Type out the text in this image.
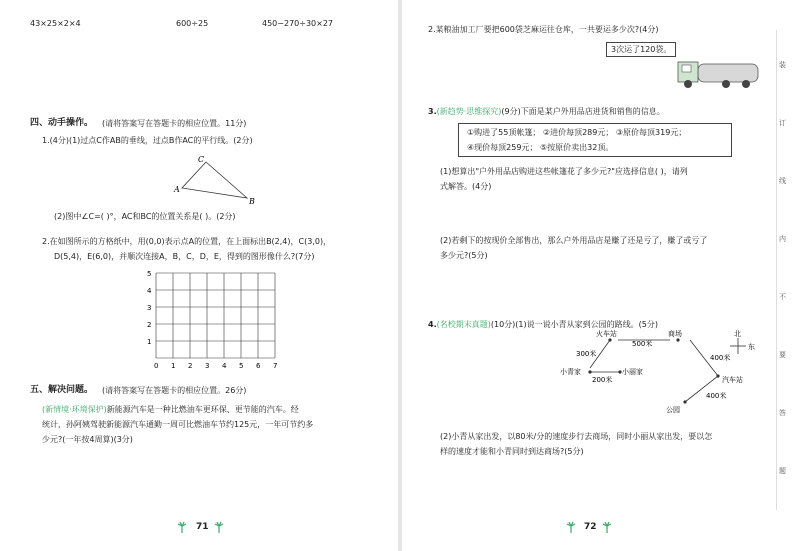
43×25×2×4	600÷25	450−270÷30×27
四、动手操作。 (请将答案写在答题卡的相应位置。11分)
1.(4分)(1)过点C作AB的垂线，过点B作AC的平行线。(2分)
C
A
B
(2)图中∠C=( )°，AC和BC的位置关系是( )。(2分)
2.在如图所示的方格纸中，用(0,0)表示点A的位置，在上面标出B(2,4)，C(3,0)，
D(5,4)，E(6,0)，并顺次连接A，B，C，D，E，得到的图形像什么?(7分)
0 1 2 3 4 5 6 7
1
2
3
4
5
五、解决问题。 (请将答案写在答题卡的相应位置。26分)
(新情境·环境保护)新能源汽车是一种比燃油车更环保、更节能的汽车。经
统计，孙阿姨驾驶新能源汽车通勤一周可比燃油车节约125元，一年可节约多
少元?(一年按4周算)(3分)
71
2.某粮油加工厂要把600袋芝麻运往仓库，一共要运多少次?(4分)
3次运了120袋。
3.(新趋势·思维探究)(9分)下面是某户外用品店进货和销售的信息。
①购进了55顶帐篷； ②进价每顶289元； ③原价每顶319元；
④现价每顶259元； ⑤按原价卖出32顶。
(1)想算出"户外用品店购进这些帐篷花了多少元?"应选择信息( )，请列
式解答。(4分)
(2)若剩下的按现价全部售出，那么户外用品店是赚了还是亏了，赚了或亏了
多少元?(5分)
4.(名校期末真题)(10分)(1)说一说小青从家到公园的路线。(5分)
火车站	商场
小青家	小丽家
汽车站
公园
500米
300米
200米
400米
400米
北
东
(2)小青从家出发，以80米/分的速度步行去商场，同时小丽从家出发，要以怎
样的速度才能和小青同时到达商场?(5分)
72
装
订
线
内
不
要
答
题
